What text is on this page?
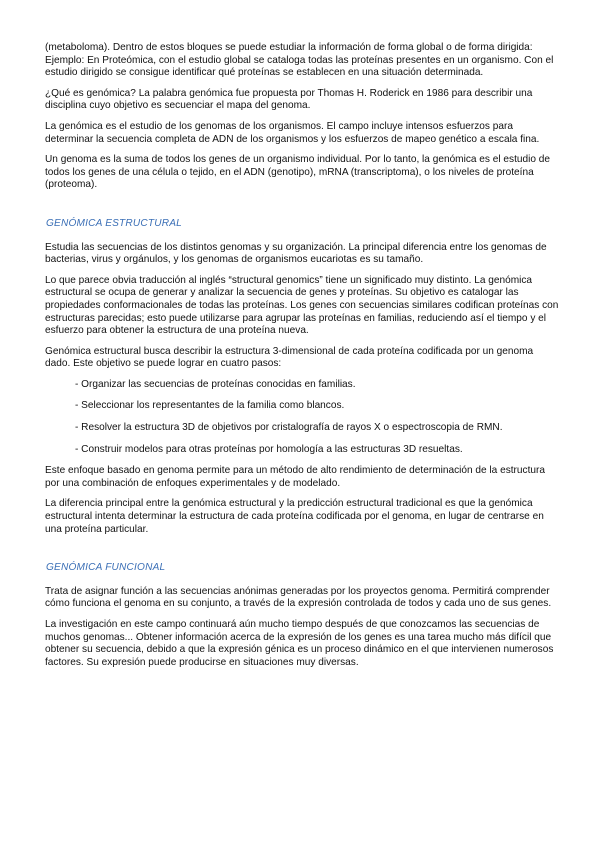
(metaboloma). Dentro de estos bloques se puede estudiar la información de forma global o de forma dirigida: Ejemplo: En Proteómica, con el estudio global se cataloga todas las proteínas presentes en un organismo. Con el estudio dirigido se consigue identificar qué proteínas se establecen en una situación determinada.

¿Qué es genómica? La palabra genómica fue propuesta por Thomas H. Roderick en 1986 para describir una disciplina cuyo objetivo es secuenciar el mapa del genoma.

La genómica es el estudio de los genomas de los organismos. El campo incluye intensos esfuerzos para determinar la secuencia completa de ADN de los organismos y los esfuerzos de mapeo genético a escala fina.

Un genoma es la suma de todos los genes de un organismo individual. Por lo tanto, la genómica es el estudio de todos los genes de una célula o tejido, en el ADN (genotipo), mRNA (transcriptoma), o los niveles de proteína (proteoma).

GENÓMICA ESTRUCTURAL

Estudia las secuencias de los distintos genomas y su organización. La principal diferencia entre los genomas de bacterias, virus y orgánulos, y los genomas de organismos eucariotas es su tamaño.

Lo que parece obvia traducción al inglés “structural genomics” tiene un significado muy distinto. La genómica estructural se ocupa de generar y analizar la secuencia de genes y proteínas. Su objetivo es catalogar las propiedades conformacionales de todas las proteínas. Los genes con secuencias similares codifican proteínas con estructuras parecidas; esto puede utilizarse para agrupar las proteínas en familias, reduciendo así el tiempo y el esfuerzo para obtener la estructura de una proteína nueva.

Genómica estructural busca describir la estructura 3-dimensional de cada proteína codificada por un genoma dado. Este objetivo se puede lograr en cuatro pasos:

- Organizar las secuencias de proteínas conocidas en familias.
- Seleccionar los representantes de la familia como blancos.
- Resolver la estructura 3D de objetivos por cristalografía de rayos X o espectroscopia de RMN.
- Construir modelos para otras proteínas por homología a las estructuras 3D resueltas.

Este enfoque basado en genoma permite para un método de alto rendimiento de determinación de la estructura por una combinación de enfoques experimentales y de modelado.

La diferencia principal entre la genómica estructural y la predicción estructural tradicional es que la genómica estructural intenta determinar la estructura de cada proteína codificada por el genoma, en lugar de centrarse en una proteína particular.

GENÓMICA FUNCIONAL

Trata de asignar función a las secuencias anónimas generadas por los proyectos genoma. Permitirá comprender cómo funciona el genoma en su conjunto, a través de la expresión controlada de todos y cada uno de sus genes.

La investigación en este campo continuará aún mucho tiempo después de que conozcamos las secuencias de muchos genomas... Obtener información acerca de la expresión de los genes es una tarea mucho más difícil que obtener su secuencia, debido a que la expresión génica es un proceso dinámico en el que intervienen numerosos factores. Su expresión puede producirse en situaciones muy diversas.
